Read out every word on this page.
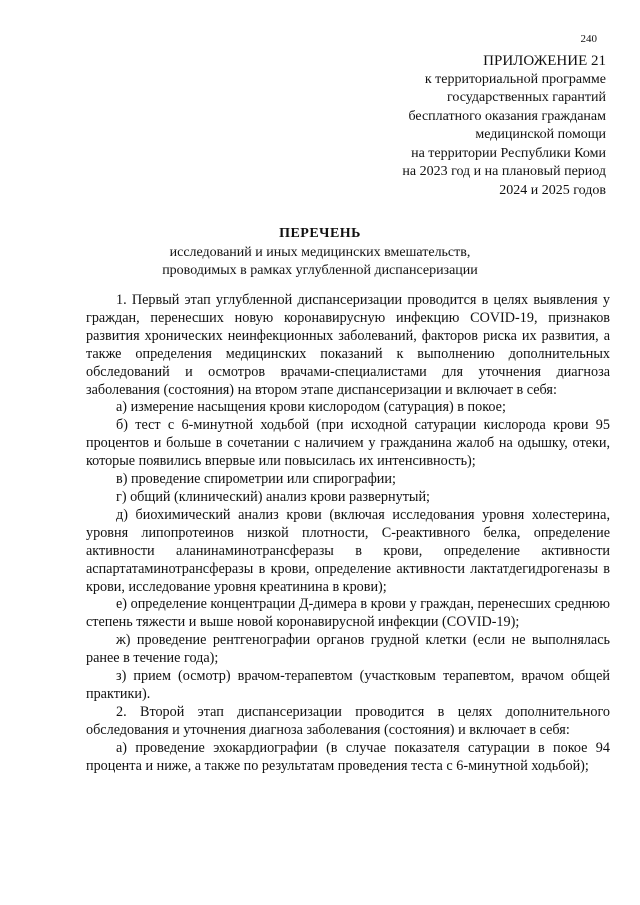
240
ПРИЛОЖЕНИЕ 21
к территориальной программе
государственных гарантий
бесплатного оказания гражданам
медицинской помощи
на территории Республики Коми
на 2023 год и на плановый период
2024 и 2025 годов
ПЕРЕЧЕНЬ
исследований и иных медицинских вмешательств,
проводимых в рамках углубленной диспансеризации

1. Первый этап углубленной диспансеризации проводится в целях выявления у граждан, перенесших новую коронавирусную инфекцию COVID-19, признаков развития хронических неинфекционных заболеваний, факторов риска их развития, а также определения медицинских показаний к выполнению дополнительных обследований и осмотров врачами-специалистами для уточнения диагноза заболевания (состояния) на втором этапе диспансеризации и включает в себя:

а) измерение насыщения крови кислородом (сатурация) в покое;

б) тест с 6-минутной ходьбой (при исходной сатурации кислорода крови 95 процентов и больше в сочетании с наличием у гражданина жалоб на одышку, отеки, которые появились впервые или повысилась их интенсивность);

в) проведение спирометрии или спирографии;

г) общий (клинический) анализ крови развернутый;

д) биохимический анализ крови (включая исследования уровня холестерина, уровня липопротеинов низкой плотности, С-реактивного белка, определение активности аланинаминотрансферазы в крови, определение активности аспартатаминотрансферазы в крови, определение активности лактатдегидрогеназы в крови, исследование уровня креатинина в крови);

е) определение концентрации Д-димера в крови у граждан, перенесших среднюю степень тяжести и выше новой коронавирусной инфекции (COVID-19);

ж) проведение рентгенографии органов грудной клетки (если не выполнялась ранее в течение года);

з) прием (осмотр) врачом-терапевтом (участковым терапевтом, врачом общей практики).

2. Второй этап диспансеризации проводится в целях дополнительного обследования и уточнения диагноза заболевания (состояния) и включает в себя:

а) проведение эхокардиографии (в случае показателя сатурации в покое 94 процента и ниже, а также по результатам проведения теста с 6-минутной ходьбой);
